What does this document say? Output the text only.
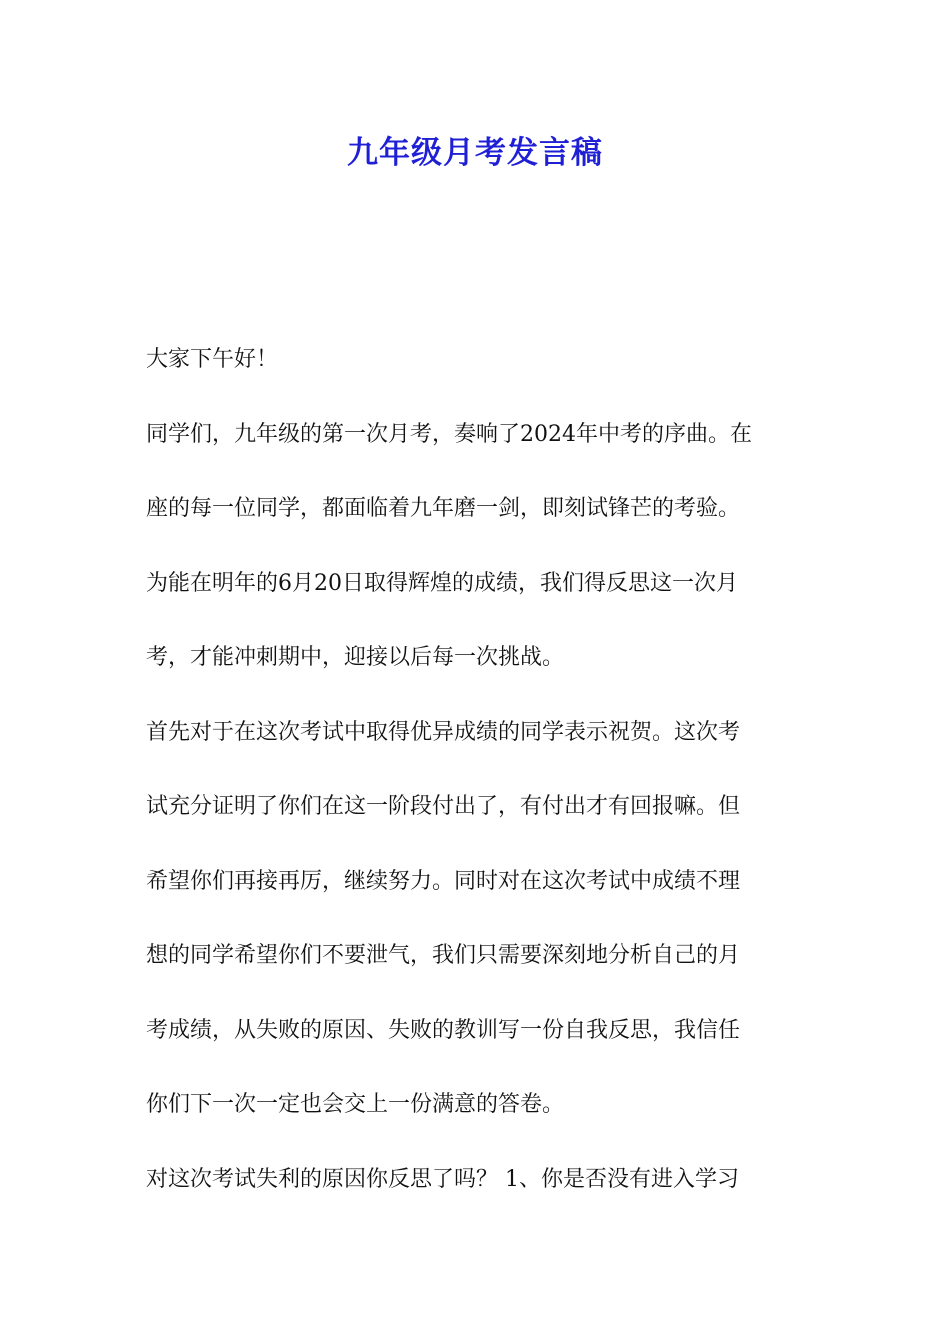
九年级月考发言稿
大家下午好！
同学们，九年级的第一次月考，奏响了2024年中考的序曲。在
座的每一位同学，都面临着九年磨一剑，即刻试锋芒的考验。
为能在明年的6月20日取得辉煌的成绩，我们得反思这一次月
考，才能冲刺期中，迎接以后每一次挑战。
首先对于在这次考试中取得优异成绩的同学表示祝贺。这次考
试充分证明了你们在这一阶段付出了，有付出才有回报嘛。但
希望你们再接再厉，继续努力。同时对在这次考试中成绩不理
想的同学希望你们不要泄气，我们只需要深刻地分析自己的月
考成绩，从失败的原因、失败的教训写一份自我反思，我信任
你们下一次一定也会交上一份满意的答卷。
对这次考试失利的原因你反思了吗？ 1、你是否没有进入学习
